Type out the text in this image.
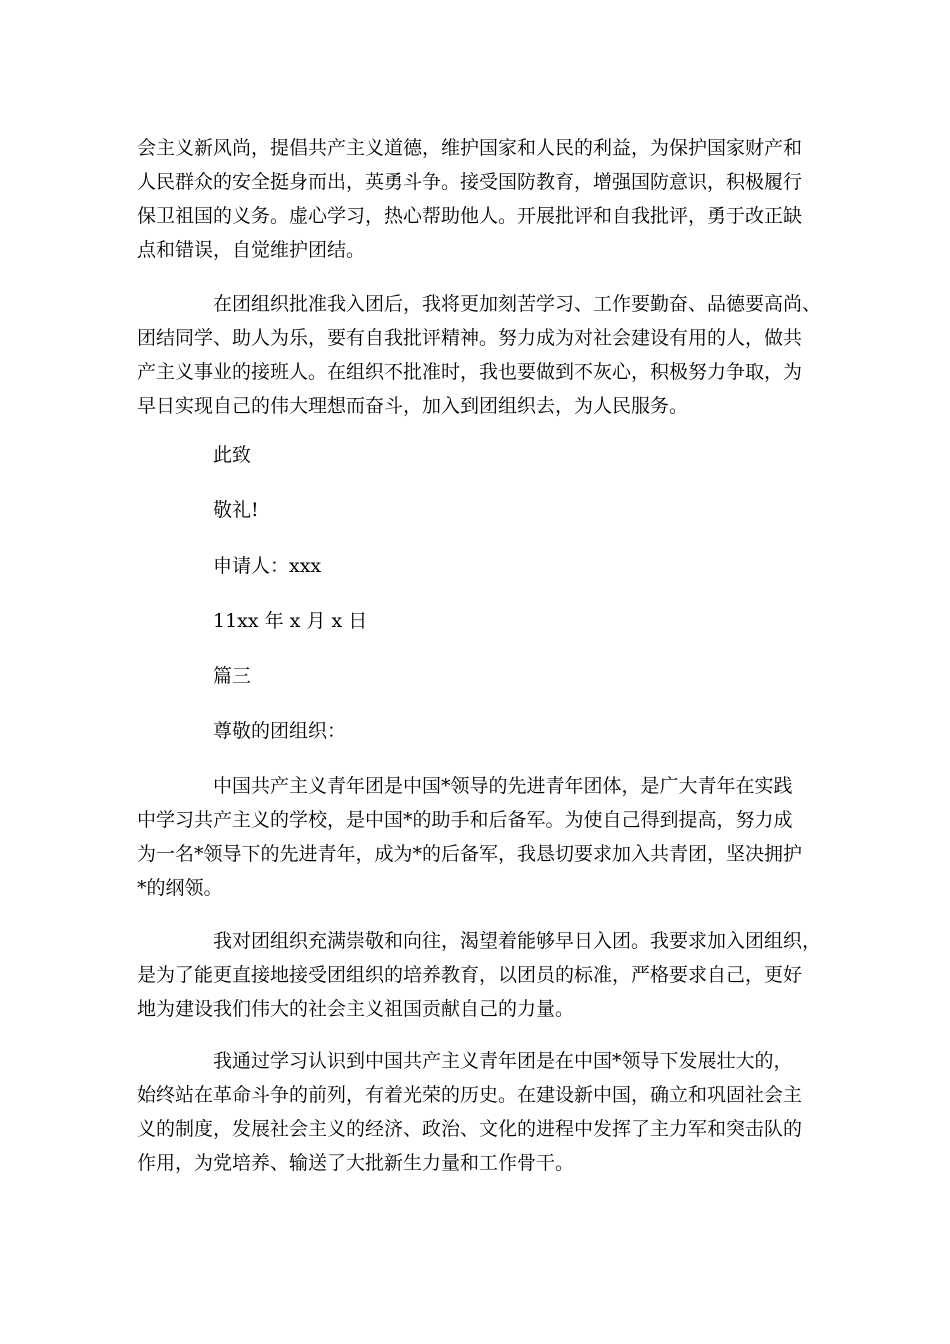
会主义新风尚，提倡共产主义道德，维护国家和人民的利益，为保护国家财产和
人民群众的安全挺身而出，英勇斗争。接受国防教育，增强国防意识，积极履行
保卫祖国的义务。虚心学习，热心帮助他人。开展批评和自我批评，勇于改正缺
点和错误，自觉维护团结。
在团组织批准我入团后，我将更加刻苦学习、工作要勤奋、品德要高尚、
团结同学、助人为乐，要有自我批评精神。努力成为对社会建设有用的人，做共
产主义事业的接班人。在组织不批准时，我也要做到不灰心，积极努力争取，为
早日实现自己的伟大理想而奋斗，加入到团组织去，为人民服务。

此致

敬礼!

申请人：xxx

11xx 年 x 月 x 日

篇三

尊敬的团组织：

中国共产主义青年团是中国*领导的先进青年团体，是广大青年在实践
中学习共产主义的学校，是中国*的助手和后备军。为使自己得到提高，努力成
为一名*领导下的先进青年，成为*的后备军，我恳切要求加入共青团，坚决拥护
*的纲领。
我对团组织充满崇敬和向往，渴望着能够早日入团。我要求加入团组织，
是为了能更直接地接受团组织的培养教育，以团员的标准，严格要求自己，更好
地为建设我们伟大的社会主义祖国贡献自己的力量。
我通过学习认识到中国共产主义青年团是在中国*领导下发展壮大的，
始终站在革命斗争的前列，有着光荣的历史。在建设新中国，确立和巩固社会主
义的制度，发展社会主义的经济、政治、文化的进程中发挥了主力军和突击队的
作用，为党培养、输送了大批新生力量和工作骨干。
